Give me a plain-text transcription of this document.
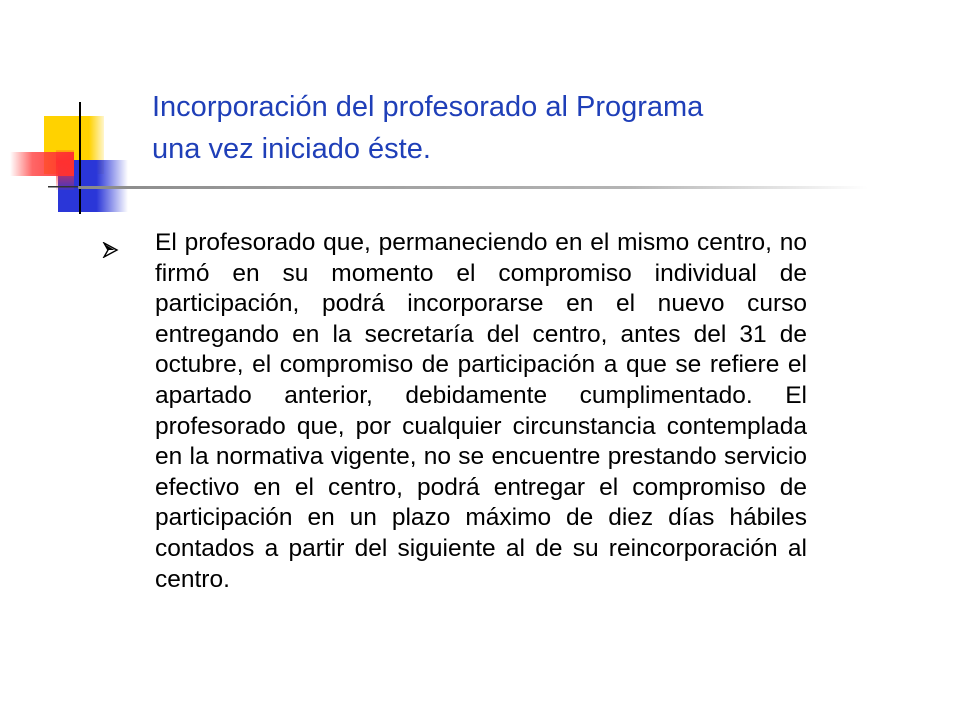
Incorporación del profesorado al Programa
una vez iniciado éste.

El profesorado que, permaneciendo en el mismo centro, no firmó en su momento el compromiso individual de participación, podrá incorporarse en el nuevo curso entregando en la secretaría del centro, antes del 31 de octubre, el compromiso de participación a que se refiere el apartado anterior, debidamente cumplimentado. El profesorado que, por cualquier circunstancia contemplada en la normativa vigente, no se encuentre prestando servicio efectivo en el centro, podrá entregar el compromiso de participación en un plazo máximo de diez días hábiles contados a partir del siguiente al de su reincorporación al centro.
